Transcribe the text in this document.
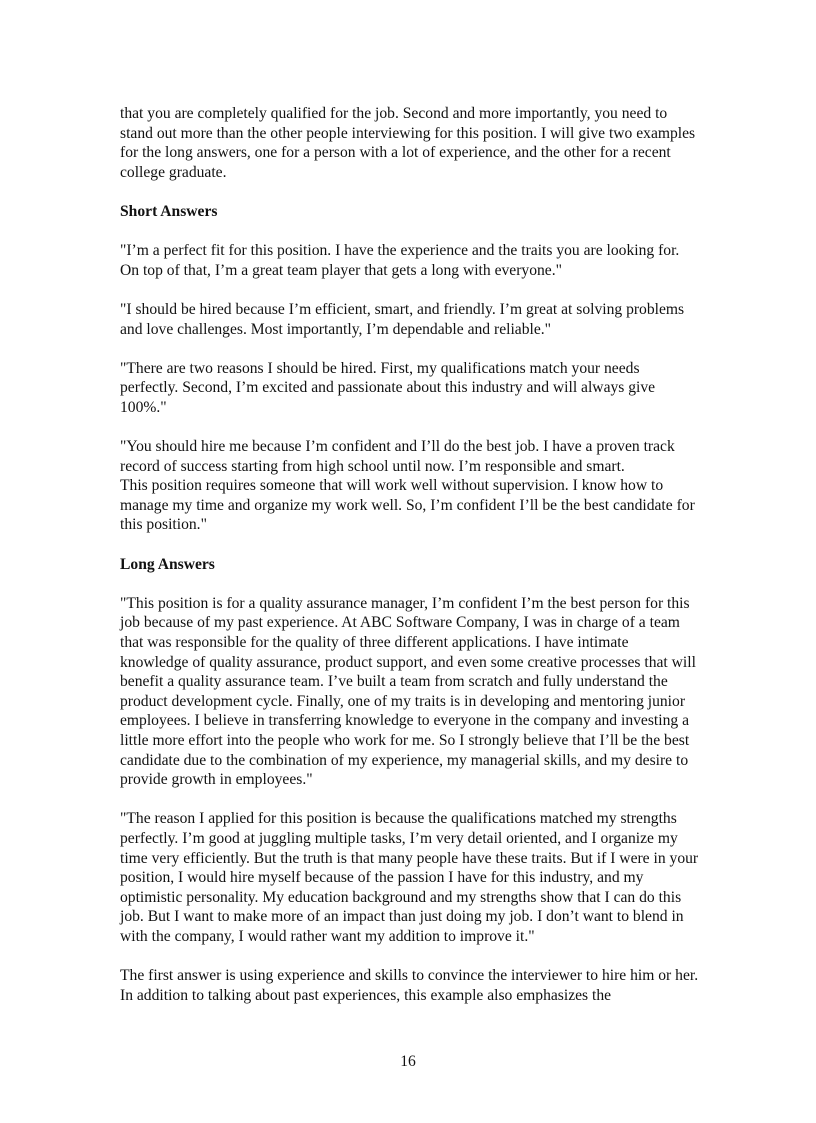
that you are completely qualified for the job. Second and more importantly, you need to stand out more than the other people interviewing for this position. I will give two examples for the long answers, one for a person with a lot of experience, and the other for a recent college graduate.

Short Answers

"I’m a perfect fit for this position. I have the experience and the traits you are looking for. On top of that, I’m a great team player that gets a long with everyone."

"I should be hired because I’m efficient, smart, and friendly. I’m great at solving problems and love challenges. Most importantly, I’m dependable and reliable."

"There are two reasons I should be hired. First, my qualifications match your needs perfectly. Second, I’m excited and passionate about this industry and will always give 100%."

"You should hire me because I’m confident and I’ll do the best job. I have a proven track record of success starting from high school until now. I’m responsible and smart.
This position requires someone that will work well without supervision. I know how to manage my time and organize my work well. So, I’m confident I’ll be the best candidate for this position."

Long Answers

"This position is for a quality assurance manager, I’m confident I’m the best person for this job because of my past experience. At ABC Software Company, I was in charge of a team that was responsible for the quality of three different applications. I have intimate knowledge of quality assurance, product support, and even some creative processes that will benefit a quality assurance team. I’ve built a team from scratch and fully understand the product development cycle. Finally, one of my traits is in developing and mentoring junior employees. I believe in transferring knowledge to everyone in the company and investing a little more effort into the people who work for me. So I strongly believe that I’ll be the best candidate due to the combination of my experience, my managerial skills, and my desire to provide growth in employees."

"The reason I applied for this position is because the qualifications matched my strengths perfectly. I’m good at juggling multiple tasks, I’m very detail oriented, and I organize my time very efficiently. But the truth is that many people have these traits. But if I were in your position, I would hire myself because of the passion I have for this industry, and my optimistic personality. My education background and my strengths show that I can do this job. But I want to make more of an impact than just doing my job. I don’t want to blend in with the company, I would rather want my addition to improve it."

The first answer is using experience and skills to convince the interviewer to hire him or her. In addition to talking about past experiences, this example also emphasizes the

16
